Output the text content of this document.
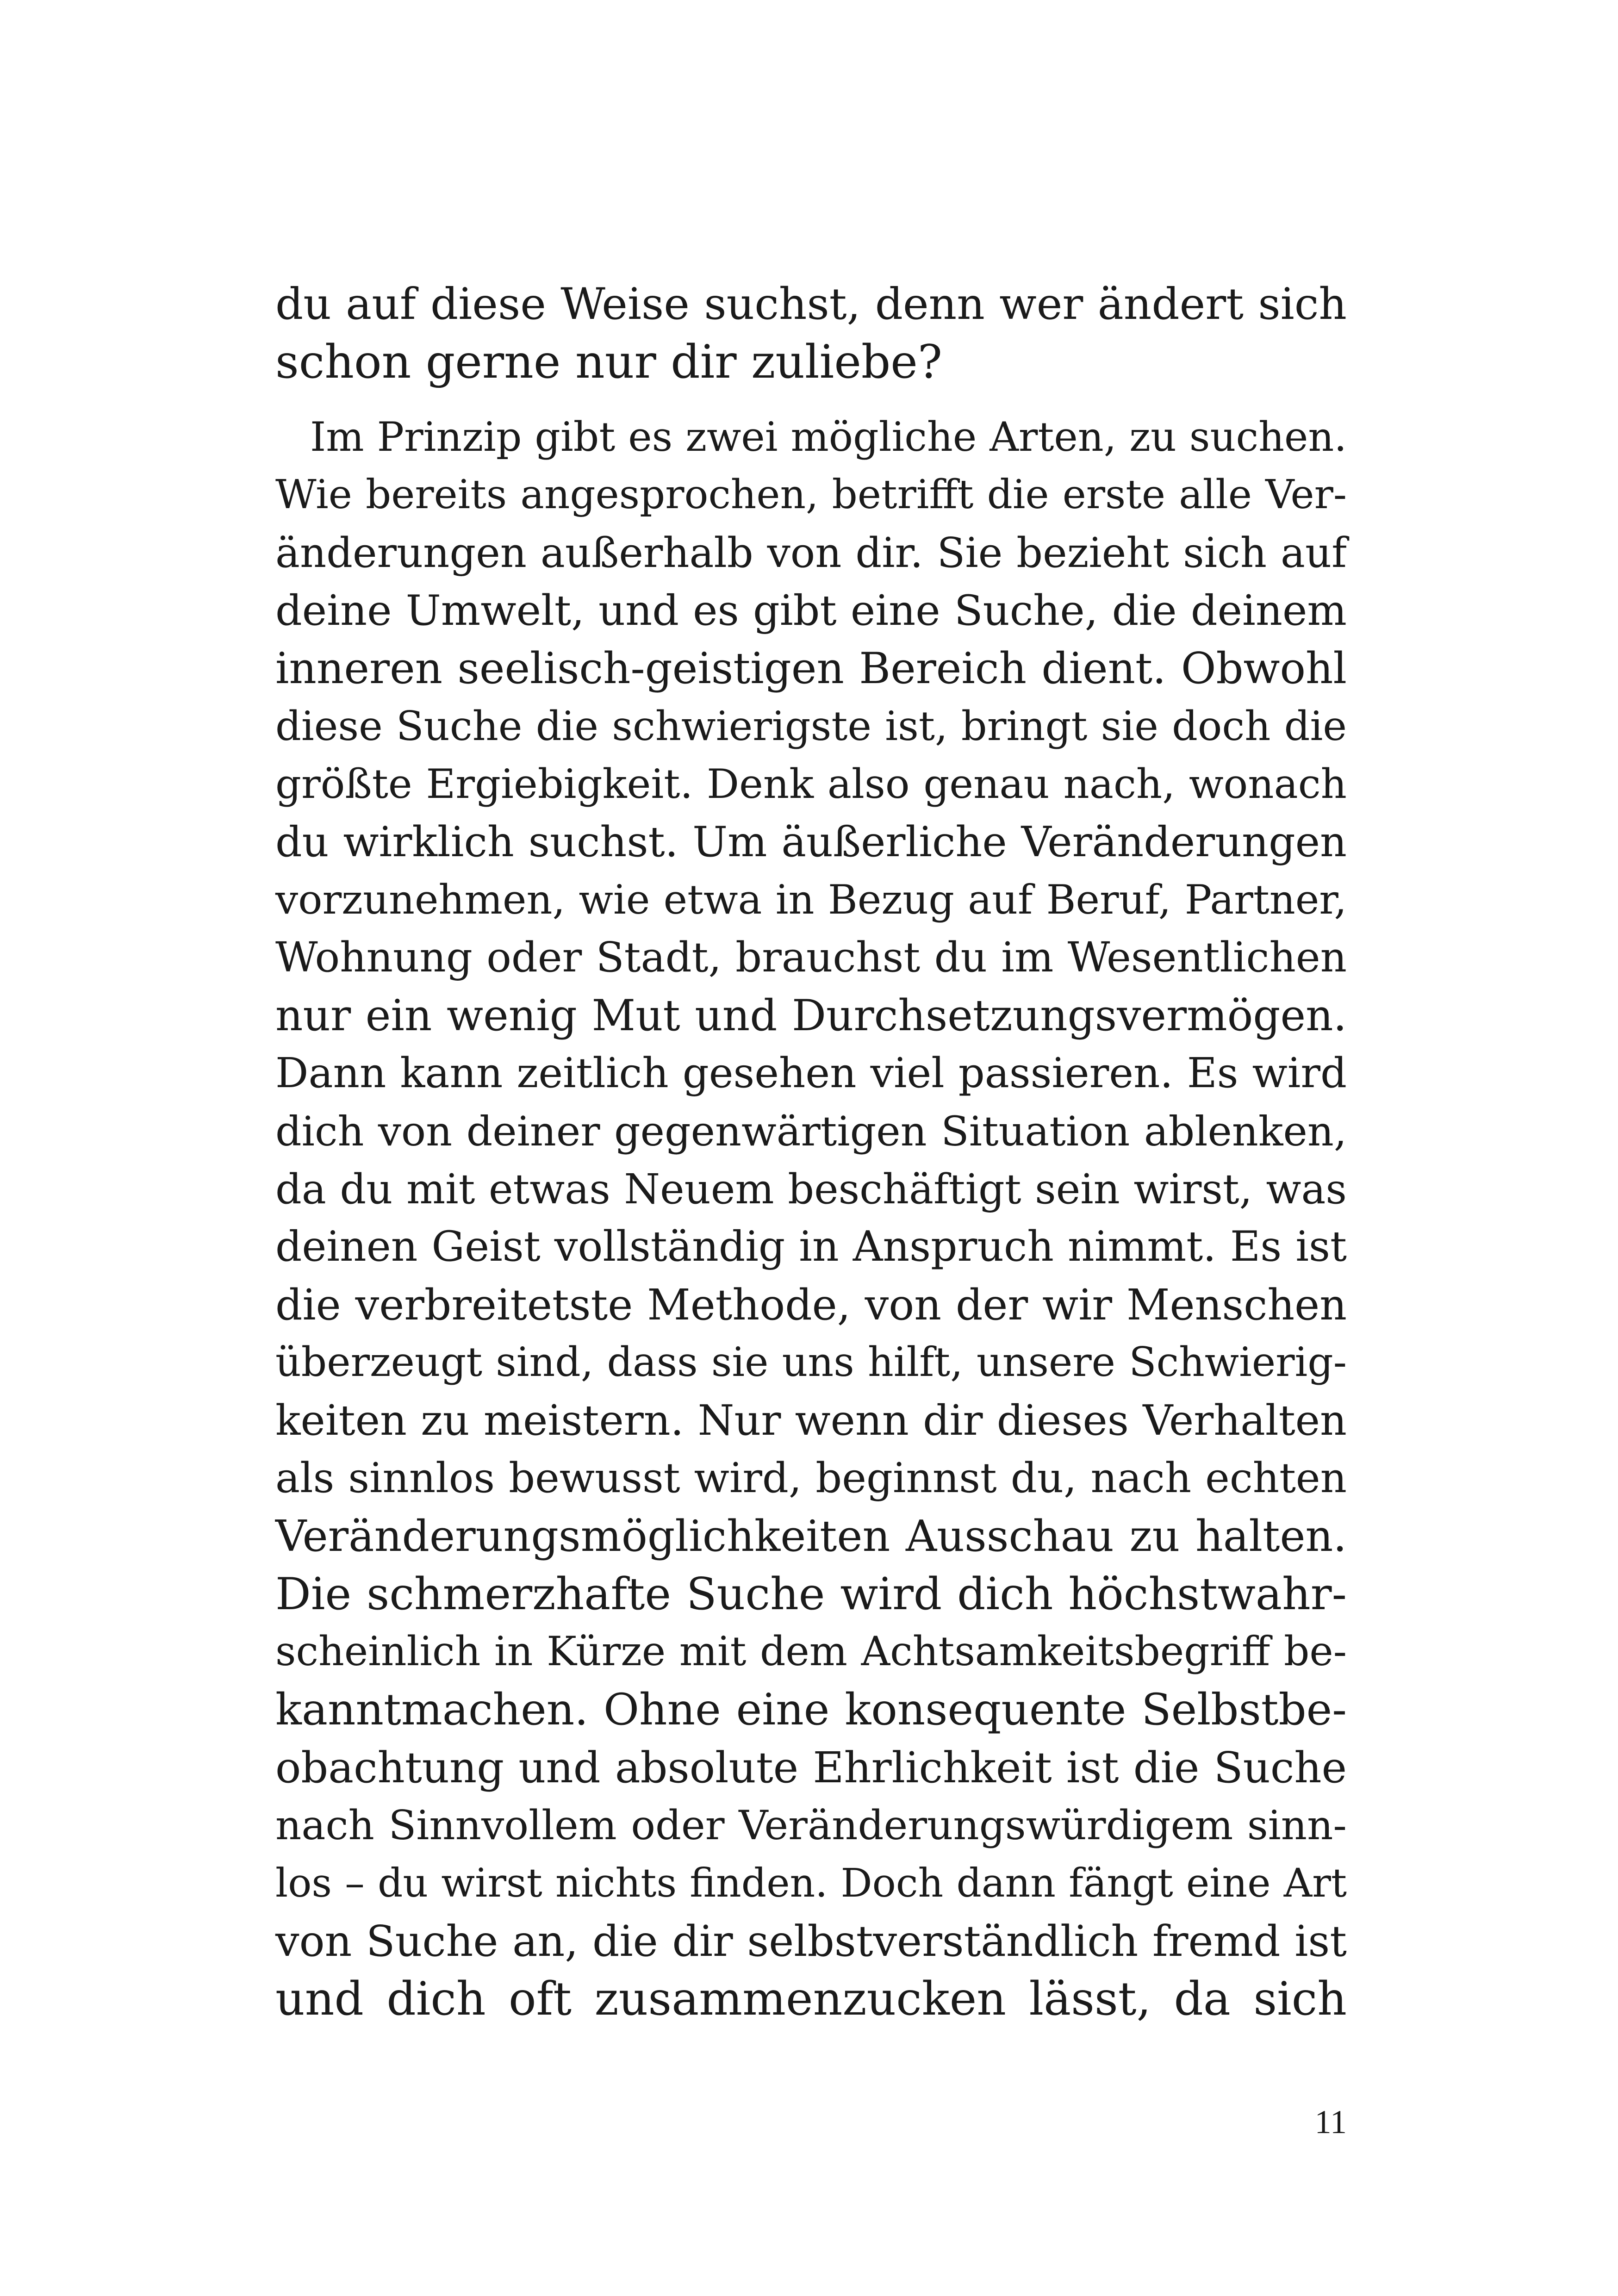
du auf diese Weise suchst, denn wer ändert sich
schon gerne nur dir zuliebe?
Im Prinzip gibt es zwei mögliche Arten, zu suchen.
Wie bereits angesprochen, betrifft die erste alle Ver-
änderungen außerhalb von dir. Sie bezieht sich auf
deine Umwelt, und es gibt eine Suche, die deinem
inneren seelisch-geistigen Bereich dient. Obwohl
diese Suche die schwierigste ist, bringt sie doch die
größte Ergiebigkeit. Denk also genau nach, wonach
du wirklich suchst. Um äußerliche Veränderungen
vorzunehmen, wie etwa in Bezug auf Beruf, Partner,
Wohnung oder Stadt, brauchst du im Wesentlichen
nur ein wenig Mut und Durchsetzungsvermögen.
Dann kann zeitlich gesehen viel passieren. Es wird
dich von deiner gegenwärtigen Situation ablenken,
da du mit etwas Neuem beschäftigt sein wirst, was
deinen Geist vollständig in Anspruch nimmt. Es ist
die verbreitetste Methode, von der wir Menschen
überzeugt sind, dass sie uns hilft, unsere Schwierig-
keiten zu meistern. Nur wenn dir dieses Verhalten
als sinnlos bewusst wird, beginnst du, nach echten
Veränderungsmöglichkeiten Ausschau zu halten.
Die schmerzhafte Suche wird dich höchstwahr-
scheinlich in Kürze mit dem Achtsamkeitsbegriff be-
kanntmachen. Ohne eine konsequente Selbstbe-
obachtung und absolute Ehrlichkeit ist die Suche
nach Sinnvollem oder Veränderungswürdigem sinn-
los – du wirst nichts finden. Doch dann fängt eine Art
von Suche an, die dir selbstverständlich fremd ist
und dich oft zusammenzucken lässt, da sich
11
